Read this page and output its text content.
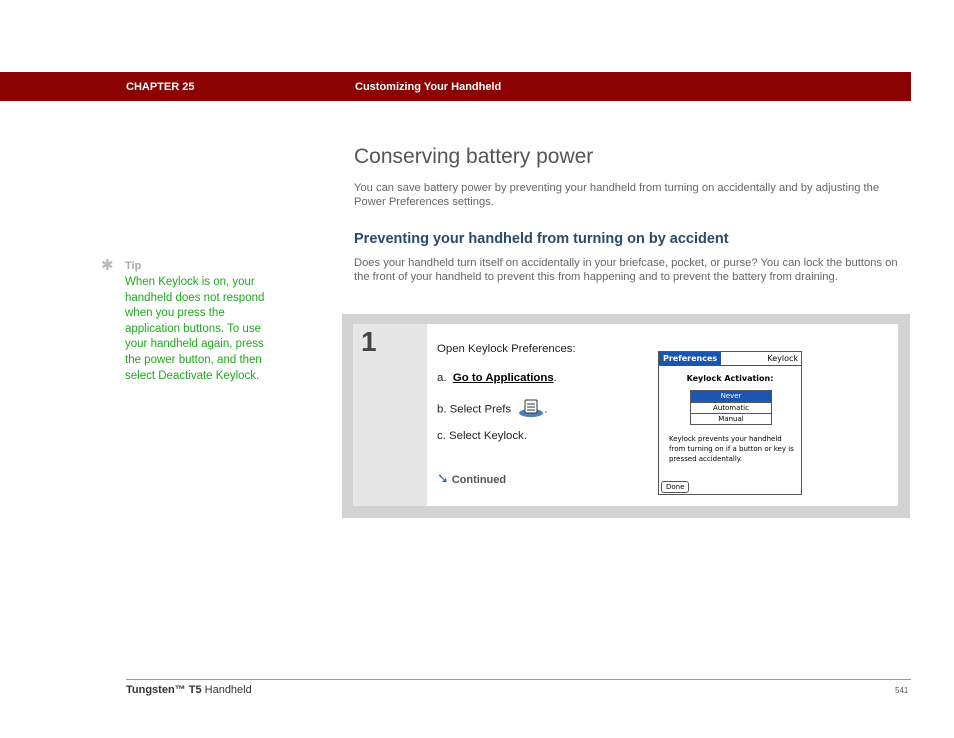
CHAPTER 25	Customizing Your Handheld
✱ Tip
When Keylock is on, your handheld does not respond when you press the application buttons. To use your handheld again, press the power button, and then select Deactivate Keylock.
Conserving battery power

You can save battery power by preventing your handheld from turning on accidentally and by adjusting the Power Preferences settings.

Preventing your handheld from turning on by accident

Does your handheld turn itself on accidentally in your briefcase, pocket, or purse? You can lock the buttons on the front of your handheld to prevent this from happening and to prevent the battery from draining.

1	Open Keylock Preferences:
a. Go to Applications.
b. Select Prefs	.
c. Select Keylock.
➘ Continued
Preferences	Keylock
Keylock Activation:
Never
Automatic
Manual
Keylock prevents your handheld from turning on if a button or key is pressed accidentally.
Done
Tungsten™ T5 Handheld	541
